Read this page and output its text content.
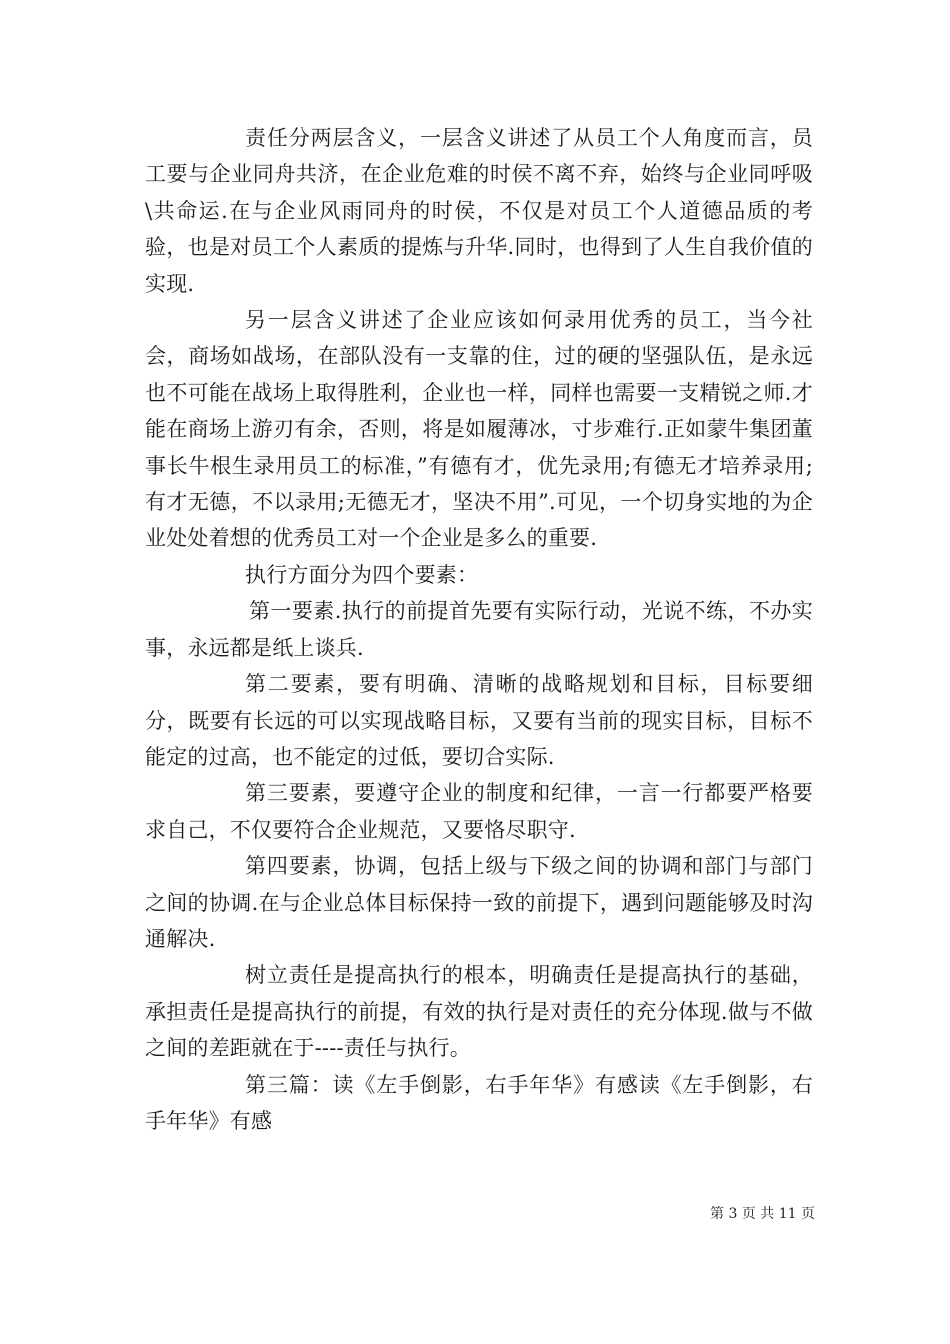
责任分两层含义，一层含义讲述了从员工个人角度而言，员工要与企业同舟共济，在企业危难的时侯不离不弃，始终与企业同呼吸\共命运.在与企业风雨同舟的时侯，不仅是对员工个人道德品质的考验，也是对员工个人素质的提炼与升华.同时，也得到了人生自我价值的实现.

另一层含义讲述了企业应该如何录用优秀的员工，当今社会，商场如战场，在部队没有一支靠的住，过的硬的坚强队伍，是永远也不可能在战场上取得胜利，企业也一样，同样也需要一支精锐之师.才能在商场上游刃有余，否则，将是如履薄冰，寸步难行.正如蒙牛集团董事长牛根生录用员工的标准，”有德有才，优先录用;有德无才培养录用;有才无德，不以录用;无德无才，坚决不用”.可见，一个切身实地的为企业处处着想的优秀员工对一个企业是多么的重要.

执行方面分为四个要素：

第一要素.执行的前提首先要有实际行动，光说不练，不办实事，永远都是纸上谈兵.

第二要素，要有明确、清晰的战略规划和目标，目标要细分，既要有长远的可以实现战略目标，又要有当前的现实目标，目标不能定的过高，也不能定的过低，要切合实际.

第三要素，要遵守企业的制度和纪律，一言一行都要严格要求自己，不仅要符合企业规范，又要恪尽职守.

第四要素，协调，包括上级与下级之间的协调和部门与部门之间的协调.在与企业总体目标保持一致的前提下，遇到问题能够及时沟通解决.

树立责任是提高执行的根本，明确责任是提高执行的基础，承担责任是提高执行的前提，有效的执行是对责任的充分体现.做与不做之间的差距就在于----责任与执行。

第三篇：读《左手倒影，右手年华》有感读《左手倒影，右手年华》有感

第 3 页 共 11 页
